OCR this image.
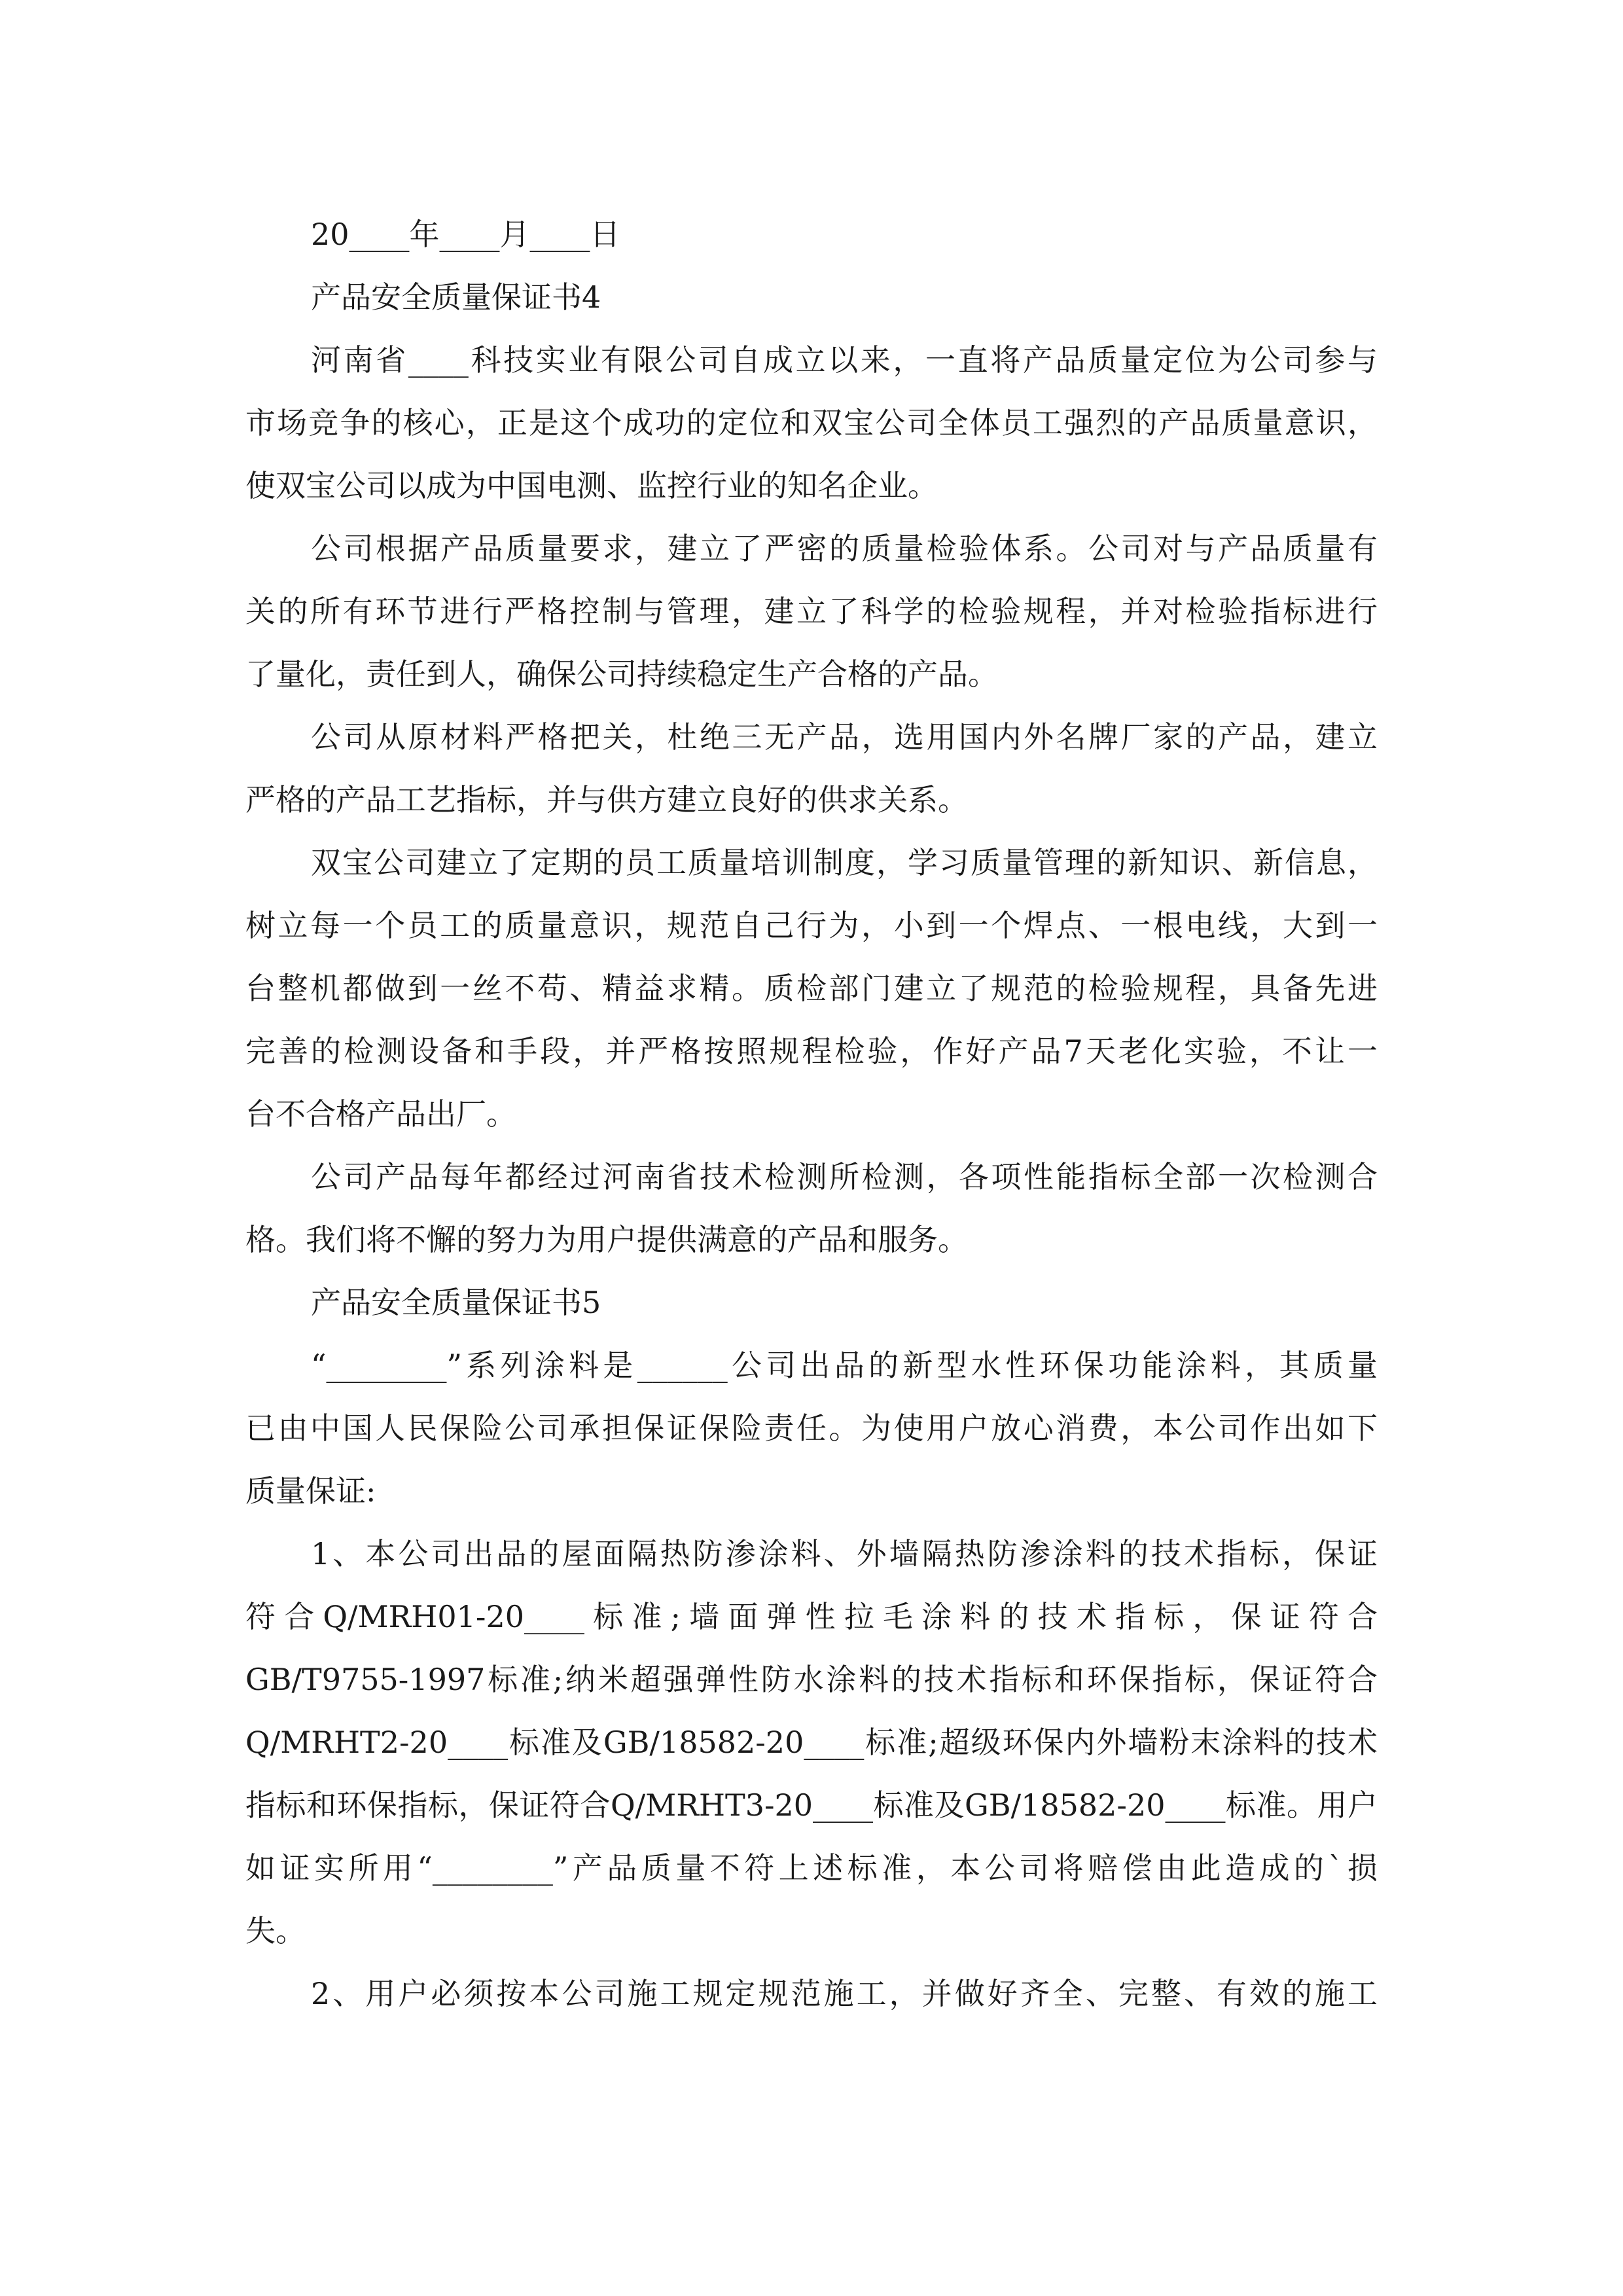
20____年____月____日
产品安全质量保证书4
河南省____科技实业有限公司自成立以来，一直将产品质量定位为公司参与
市场竞争的核心，正是这个成功的定位和双宝公司全体员工强烈的产品质量意识，
使双宝公司以成为中国电测、监控行业的知名企业。
公司根据产品质量要求，建立了严密的质量检验体系。公司对与产品质量有
关的所有环节进行严格控制与管理，建立了科学的检验规程，并对检验指标进行
了量化，责任到人，确保公司持续稳定生产合格的产品。
公司从原材料严格把关，杜绝三无产品，选用国内外名牌厂家的产品，建立
严格的产品工艺指标，并与供方建立良好的供求关系。
双宝公司建立了定期的员工质量培训制度，学习质量管理的新知识、新信息，
树立每一个员工的质量意识，规范自己行为，小到一个焊点、一根电线，大到一
台整机都做到一丝不苟、精益求精。质检部门建立了规范的检验规程，具备先进
完善的检测设备和手段，并严格按照规程检验，作好产品7天老化实验，不让一
台不合格产品出厂。
公司产品每年都经过河南省技术检测所检测，各项性能指标全部一次检测合
格。我们将不懈的努力为用户提供满意的产品和服务。
产品安全质量保证书5
“________”系列涂料是______公司出品的新型水性环保功能涂料，其质量
已由中国人民保险公司承担保证保险责任。为使用户放心消费，本公司作出如下
质量保证:
1、本公司出品的屋面隔热防渗涂料、外墙隔热防渗涂料的技术指标，保证
符合Q/MRH01-20____标准;墙面弹性拉毛涂料的技术指标，保证符合
GB/T9755-1997标准;纳米超强弹性防水涂料的技术指标和环保指标，保证符合
Q/MRHT2-20____标准及GB/18582-20____标准;超级环保内外墙粉末涂料的技术
指标和环保指标，保证符合Q/MRHT3-20____标准及GB/18582-20____标准。用户
如证实所用“________”产品质量不符上述标准，本公司将赔偿由此造成的`损
失。
2、用户必须按本公司施工规定规范施工，并做好齐全、完整、有效的施工
